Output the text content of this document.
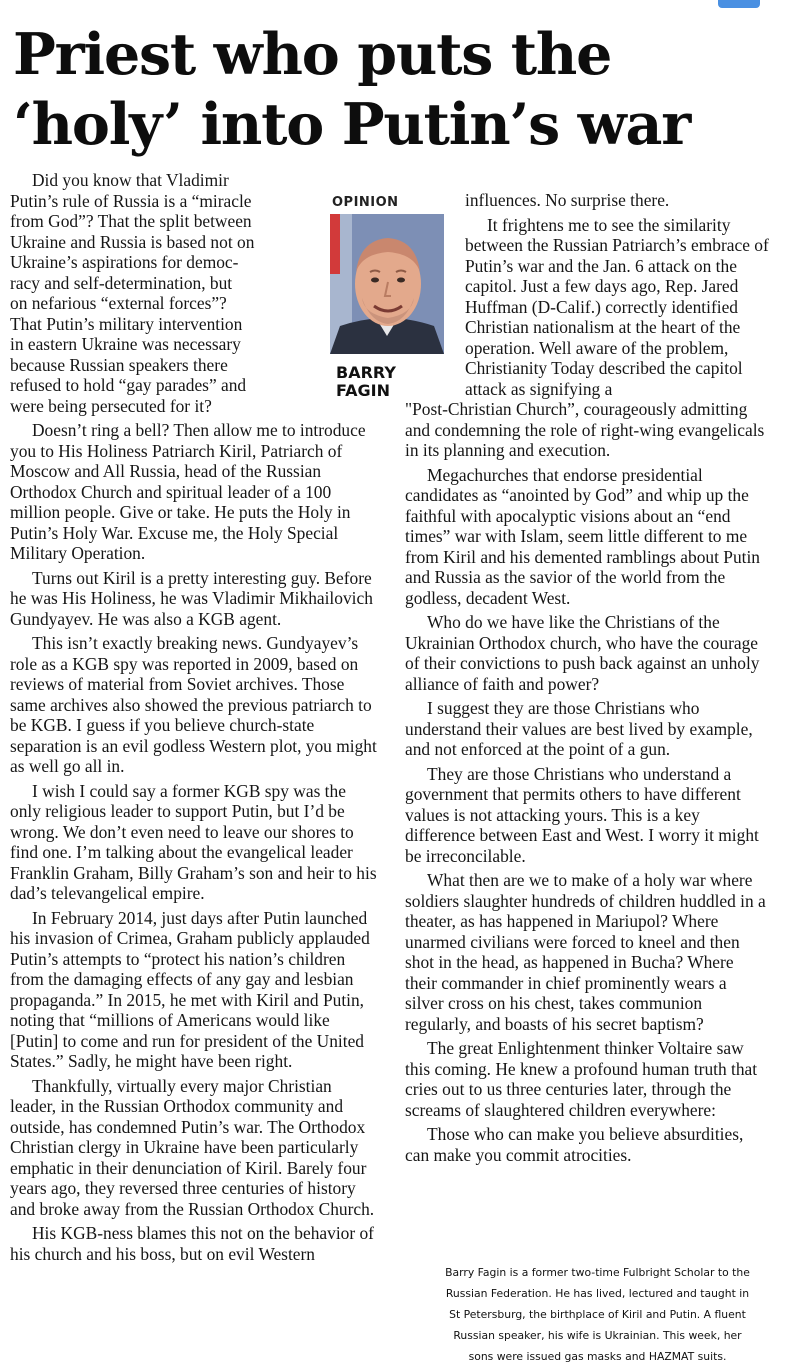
Priest who puts the
‘holy’ into Putin’s war

Did you know that Vladimir
Putin’s rule of Russia is a “miracle
from God”? That the split between
Ukraine and Russia is based not on
Ukraine’s aspirations for democ-
racy and self-determination, but
on nefarious “external forces”?
That Putin’s military intervention
in eastern Ukraine was necessary
because Russian speakers there
refused to hold “gay parades” and
were being persecuted for it?

Doesn’t ring a bell? Then allow me to introduce you to His Holiness Patriarch Kiril, Patriarch of Moscow and All Russia, head of the Russian Orthodox Church and spiritual leader of a 100 million people. Give or take. He puts the Holy in Putin’s Holy War. Excuse me, the Holy Special Military Operation.

Turns out Kiril is a pretty interesting guy. Before he was His Holiness, he was Vladimir Mikhailovich Gundyayev. He was also a KGB agent.

This isn’t exactly breaking news. Gundyayev’s role as a KGB spy was reported in 2009, based on reviews of material from Soviet archives. Those same archives also showed the previous patriarch to be KGB. I guess if you believe church-state separation is an evil godless Western plot, you might as well go all in.

I wish I could say a former KGB spy was the only religious leader to support Putin, but I’d be wrong. We don’t even need to leave our shores to find one. I’m talking about the evangelical leader Franklin Graham, Billy Graham’s son and heir to his dad’s televangelical empire.

In February 2014, just days after Putin launched his invasion of Crimea, Graham publicly applauded Putin’s attempts to “protect his nation’s children from the damaging effects of any gay and lesbian propaganda.” In 2015, he met with Kiril and Putin, noting that “millions of Americans would like [Putin] to come and run for president of the United States.” Sadly, he might have been right.

Thankfully, virtually every major Christian leader, in the Russian Orthodox community and outside, has condemned Putin’s war. The Orthodox Christian clergy in Ukraine have been particularly emphatic in their denunciation of Kiril. Barely four years ago, they reversed three centuries of history and broke away from the Russian Orthodox Church.

His KGB-ness blames this not on the behavior of his church and his boss, but on evil Western

OPINION
BARRY
FAGIN

influences. No surprise there.

It frightens me to see the similarity between the Russian Patriarch’s embrace of Putin’s war and the Jan. 6 attack on the capitol. Just a few days ago, Rep. Jared Huffman (D-Calif.) correctly identified Christian nationalism at the heart of the operation. Well aware of the problem, Christianity Today described the capitol attack as signifying a

"Post-Christian Church”, courageously admitting and condemning the role of right-wing evangelicals in its planning and execution.

Megachurches that endorse presidential candidates as “anointed by God” and whip up the faithful with apocalyptic visions about an “end times” war with Islam, seem little different to me from Kiril and his demented ramblings about Putin and Russia as the savior of the world from the godless, decadent West.

Who do we have like the Christians of the Ukrainian Orthodox church, who have the courage of their convictions to push back against an unholy alliance of faith and power?

I suggest they are those Christians who understand their values are best lived by example, and not enforced at the point of a gun.

They are those Christians who understand a government that permits others to have different values is not attacking yours. This is a key difference between East and West. I worry it might be irreconcilable.

What then are we to make of a holy war where soldiers slaughter hundreds of children huddled in a theater, as has happened in Mariupol? Where unarmed civilians were forced to kneel and then shot in the head, as happened in Bucha? Where their commander in chief prominently wears a silver cross on his chest, takes communion regularly, and boasts of his secret baptism?

The great Enlightenment thinker Voltaire saw this coming. He knew a profound human truth that cries out to us three centuries later, through the screams of slaughtered children everywhere:

Those who can make you believe absurdities, can make you commit atrocities.

Barry Fagin is a former two-time Fulbright Scholar to the
Russian Federation. He has lived, lectured and taught in
St Petersburg, the birthplace of Kiril and Putin. A fluent
Russian speaker, his wife is Ukrainian. This week, her
sons were issued gas masks and HAZMAT suits.
